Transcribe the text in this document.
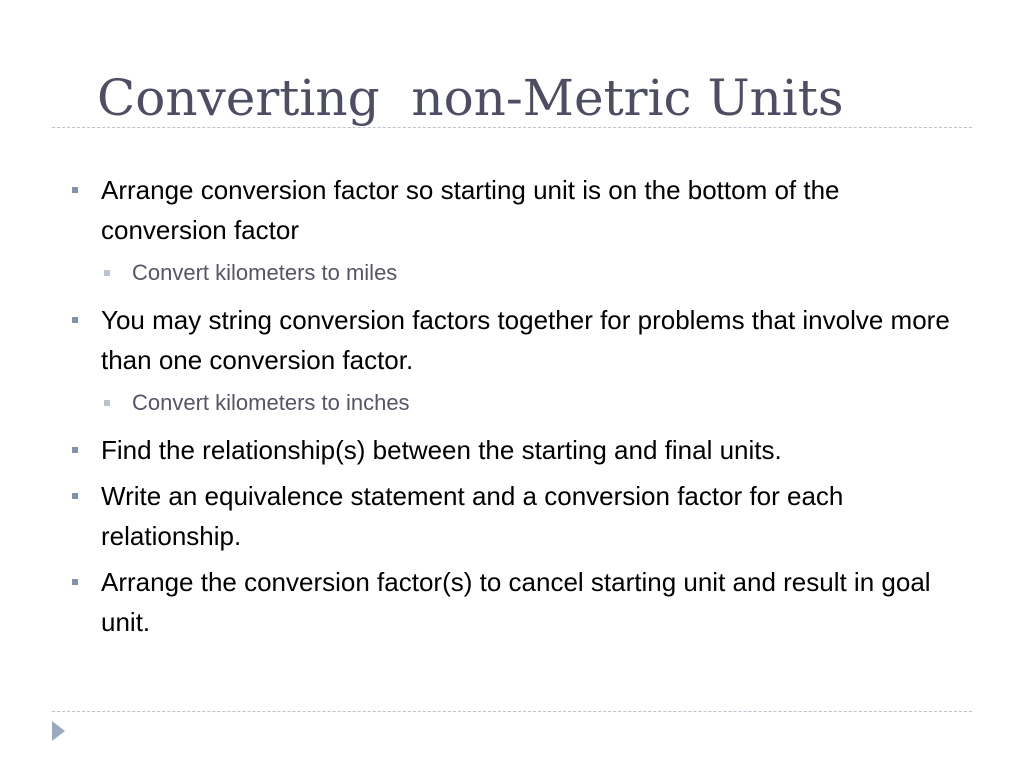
Converting  non-Metric Units
Arrange conversion factor so starting unit is on the bottom of the conversion factor
Convert kilometers to miles
You may string conversion factors together for problems that involve more than one conversion factor.
Convert kilometers to inches
Find the relationship(s) between the starting and final units.
Write an equivalence statement and a conversion factor for each relationship.
Arrange the conversion factor(s) to cancel starting unit and result in goal unit.
